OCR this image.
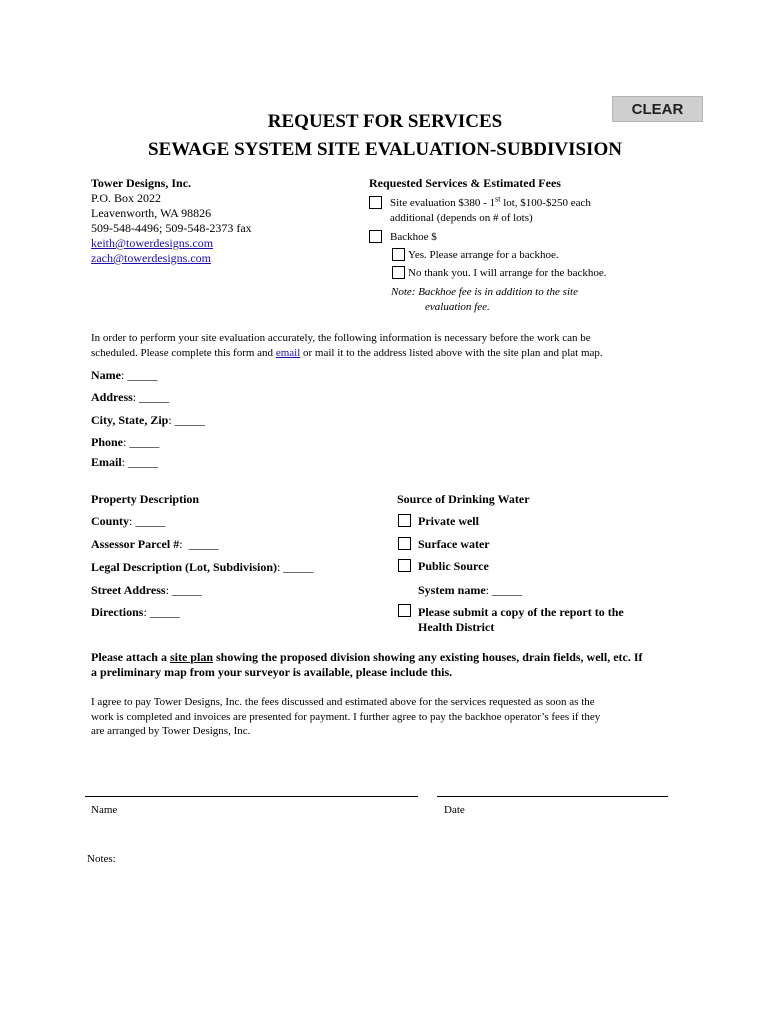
CLEAR
REQUEST FOR SERVICES
SEWAGE SYSTEM SITE EVALUATION-SUBDIVISION
Tower Designs, Inc.
P.O. Box 2022
Leavenworth, WA 98826
509-548-4496; 509-548-2373 fax
keith@towerdesigns.com
zach@towerdesigns.com
Requested Services & Estimated Fees
Site evaluation $380 - 1st lot, $100-$250 each
additional (depends on # of lots)
Backhoe $
Yes. Please arrange for a backhoe.
No thank you. I will arrange for the backhoe.
Note: Backhoe fee is in addition to the site
evaluation fee.
In order to perform your site evaluation accurately, the following information is necessary before the work can be
scheduled. Please complete this form and email or mail it to the address listed above with the site plan and plat map.
Name: _____
Address: _____
City, State, Zip: _____
Phone: _____
Email: _____
Property Description
County: _____
Assessor Parcel #:  _____
Legal Description (Lot, Subdivision): _____
Street Address: _____
Directions: _____
Source of Drinking Water
Private well
Surface water
Public Source
System name: _____
Please submit a copy of the report to the
Health District
Please attach a site plan showing the proposed division showing any existing houses, drain fields, well, etc. If
a preliminary map from your surveyor is available, please include this.
I agree to pay Tower Designs, Inc. the fees discussed and estimated above for the services requested as soon as the
work is completed and invoices are presented for payment. I further agree to pay the backhoe operator’s fees if they
are arranged by Tower Designs, Inc.
Name	Date
Notes:
